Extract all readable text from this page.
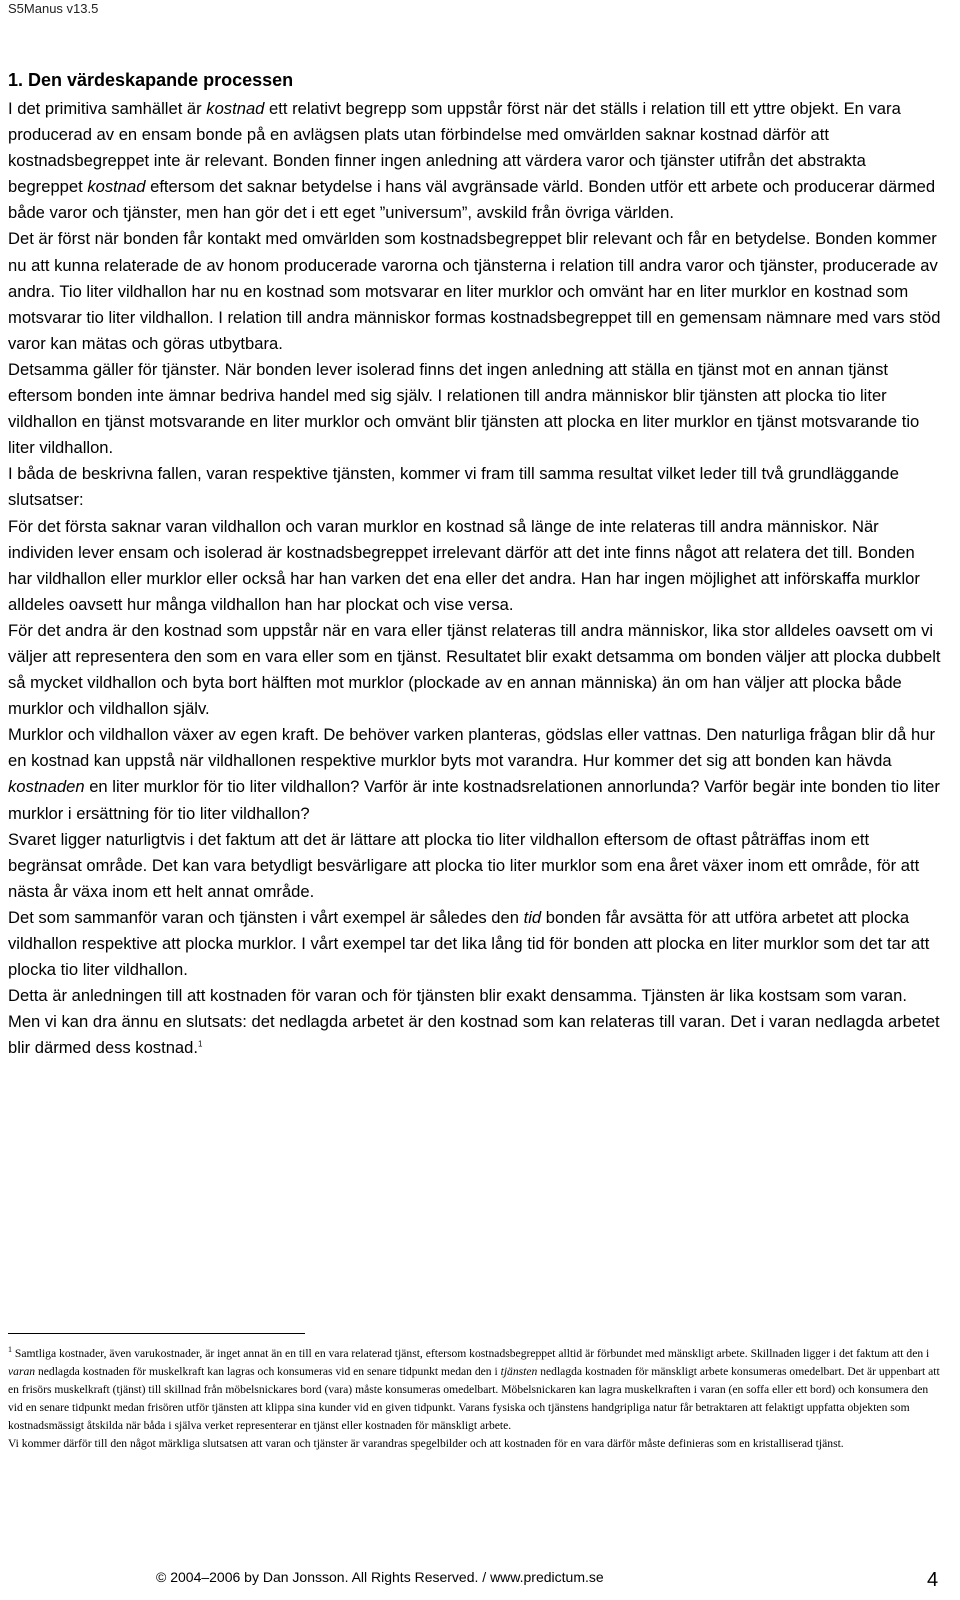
S5Manus v13.5
1. Den värdeskapande processen

I det primitiva samhället är kostnad ett relativt begrepp som uppstår först när det ställs i relation till ett yttre objekt. En vara producerad av en ensam bonde på en avlägsen plats utan förbindelse med omvärlden saknar kostnad därför att kostnadsbegreppet inte är relevant. Bonden finner ingen anledning att värdera varor och tjänster utifrån det abstrakta begreppet kostnad eftersom det saknar betydelse i hans väl avgränsade värld. Bonden utför ett arbete och producerar därmed både varor och tjänster, men han gör det i ett eget ”universum”, avskild från övriga världen.

Det är först när bonden får kontakt med omvärlden som kostnadsbegreppet blir relevant och får en betydelse. Bonden kommer nu att kunna relaterade de av honom producerade varorna och tjänsterna i relation till andra varor och tjänster, producerade av andra. Tio liter vildhallon har nu en kostnad som motsvarar en liter murklor och omvänt har en liter murklor en kostnad som motsvarar tio liter vildhallon. I relation till andra människor formas kostnadsbegreppet till en gemensam nämnare med vars stöd varor kan mätas och göras utbytbara.

Detsamma gäller för tjänster. När bonden lever isolerad finns det ingen anledning att ställa en tjänst mot en annan tjänst eftersom bonden inte ämnar bedriva handel med sig själv. I relationen till andra människor blir tjänsten att plocka tio liter vildhallon en tjänst motsvarande en liter murklor och omvänt blir tjänsten att plocka en liter murklor en tjänst motsvarande tio liter vildhallon.

I båda de beskrivna fallen, varan respektive tjänsten, kommer vi fram till samma resultat vilket leder till två grundläggande slutsatser:

För det första saknar varan vildhallon och varan murklor en kostnad så länge de inte relateras till andra människor. När individen lever ensam och isolerad är kostnadsbegreppet irrelevant därför att det inte finns något att relatera det till. Bonden har vildhallon eller murklor eller också har han varken det ena eller det andra. Han har ingen möjlighet att införskaffa murklor alldeles oavsett hur många vildhallon han har plockat och vise versa.

För det andra är den kostnad som uppstår när en vara eller tjänst relateras till andra människor, lika stor alldeles oavsett om vi väljer att representera den som en vara eller som en tjänst. Resultatet blir exakt detsamma om bonden väljer att plocka dubbelt så mycket vildhallon och byta bort hälften mot murklor (plockade av en annan människa) än om han väljer att plocka både murklor och vildhallon själv.

Murklor och vildhallon växer av egen kraft. De behöver varken planteras, gödslas eller vattnas. Den naturliga frågan blir då hur en kostnad kan uppstå när vildhallonen respektive murklor byts mot varandra. Hur kommer det sig att bonden kan hävda kostnaden en liter murklor för tio liter vildhallon? Varför är inte kostnadsrelationen annorlunda? Varför begär inte bonden tio liter murklor i ersättning för tio liter vildhallon?

Svaret ligger naturligtvis i det faktum att det är lättare att plocka tio liter vildhallon eftersom de oftast påträffas inom ett begränsat område. Det kan vara betydligt besvärligare att plocka tio liter murklor som ena året växer inom ett område, för att nästa år växa inom ett helt annat område.

Det som sammanför varan och tjänsten i vårt exempel är således den tid bonden får avsätta för att utföra arbetet att plocka vildhallon respektive att plocka murklor. I vårt exempel tar det lika lång tid för bonden att plocka en liter murklor som det tar att plocka tio liter vildhallon.

Detta är anledningen till att kostnaden för varan och för tjänsten blir exakt densamma. Tjänsten är lika kostsam som varan.

Men vi kan dra ännu en slutsats: det nedlagda arbetet är den kostnad som kan relateras till varan. Det i varan nedlagda arbetet blir därmed dess kostnad.$^1$

$^1$ Samtliga kostnader, även varukostnader, är inget annat än en till en vara relaterad tjänst, eftersom kostnadsbegreppet alltid är förbundet med mänskligt arbete. Skillnaden ligger i det faktum att den i varan nedlagda kostnaden för muskelkraft kan lagras och konsumeras vid en senare tidpunkt medan den i tjänsten nedlagda kostnaden för mänskligt arbete konsumeras omedelbart. Det är uppenbart att en frisörs muskelkraft (tjänst) till skillnad från möbelsnickares bord (vara) måste konsumeras omedelbart. Möbelsnickaren kan lagra muskelkraften i varan (en soffa eller ett bord) och konsumera den vid en senare tidpunkt medan frisören utför tjänsten att klippa sina kunder vid en given tidpunkt. Varans fysiska och tjänstens handgripliga natur får betraktaren att felaktigt uppfatta objekten som kostnadsmässigt åtskilda när båda i själva verket representerar en tjänst eller kostnaden för mänskligt arbete.

Vi kommer därför till den något märkliga slutsatsen att varan och tjänster är varandras spegelbilder och att kostnaden för en vara därför måste definieras som en kristalliserad tjänst.

© 2004–2006 by Dan Jonsson. All Rights Reserved. / www.predictum.se	4
